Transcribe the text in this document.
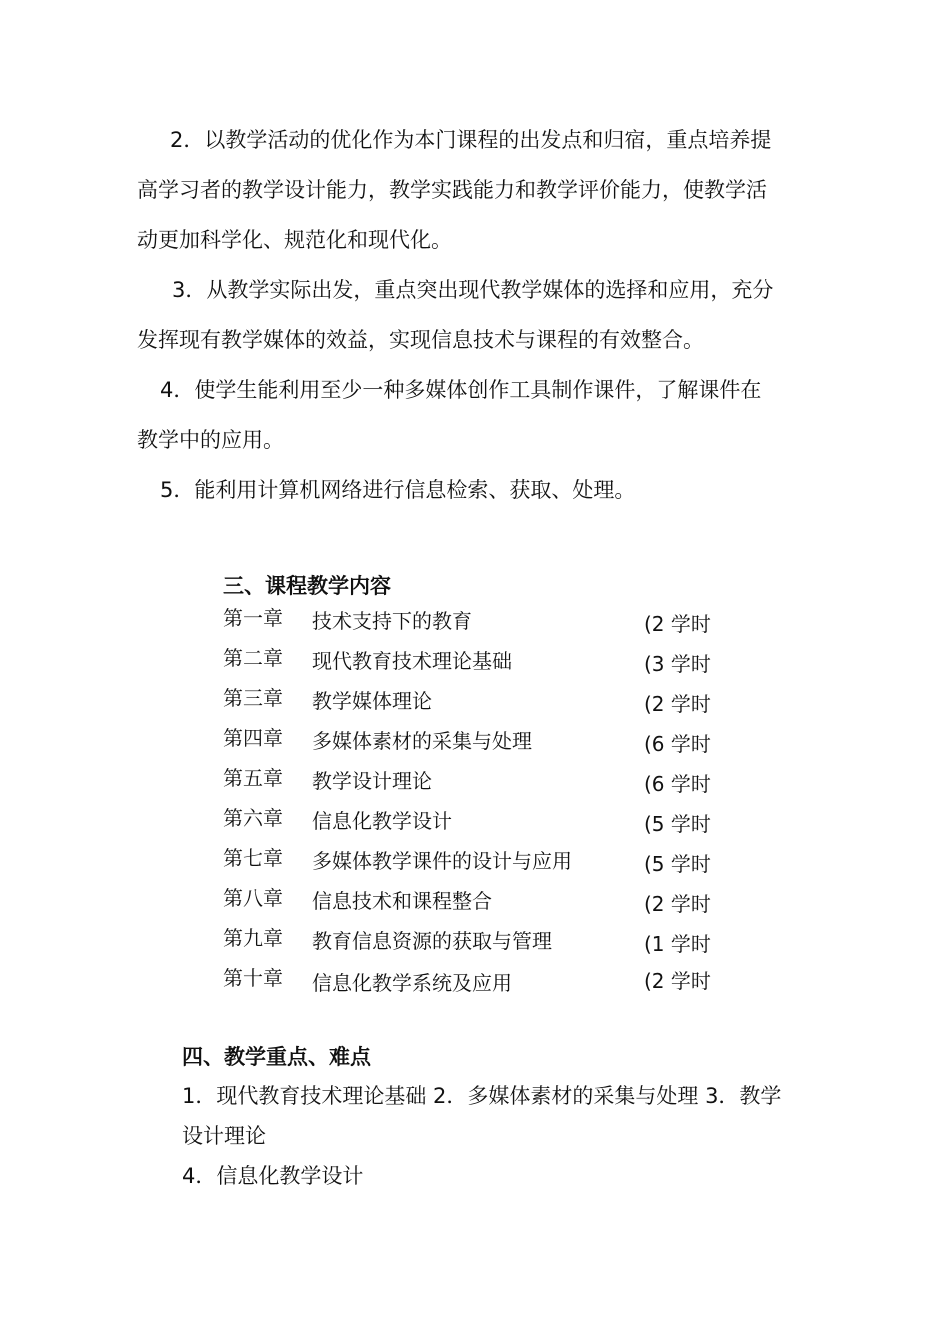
2．以教学活动的优化作为本门课程的出发点和归宿，重点培养提

高学习者的教学设计能力，教学实践能力和教学评价能力，使教学活

动更加科学化、规范化和现代化。

3．从教学实际出发，重点突出现代教学媒体的选择和应用，充分

发挥现有教学媒体的效益，实现信息技术与课程的有效整合。

4．使学生能利用至少一种多媒体创作工具制作课件，了解课件在

教学中的应用。

5．能利用计算机网络进行信息检索、获取、处理。

三、课程教学内容
第一章 技术支持下的教育	(2 学时
第二章 现代教育技术理论基础	(3 学时
第三章 教学媒体理论	(2 学时
第四章 多媒体素材的采集与处理	(6 学时
第五章 教学设计理论	(6 学时
第六章 信息化教学设计	(5 学时
第七章 多媒体教学课件的设计与应用	(5 学时
第八章 信息技术和课程整合	(2 学时
第九章 教育信息资源的获取与管理	(1 学时
第十章 信息化教学系统及应用	(2 学时
四、教学重点、难点

1．现代教育技术理论基础 2．多媒体素材的采集与处理 3．教学

设计理论

4．信息化教学设计
